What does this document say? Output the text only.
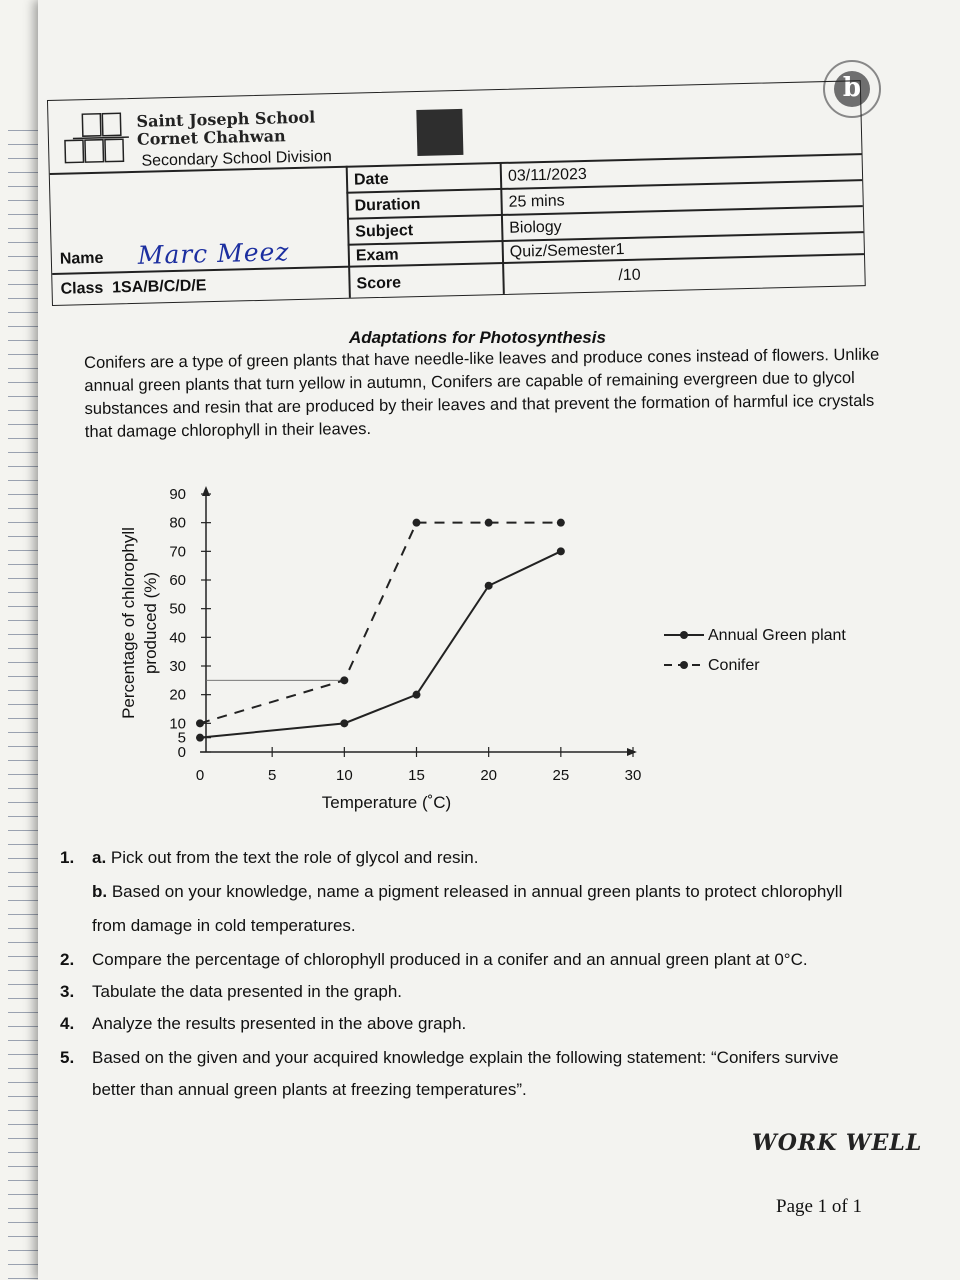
b
Saint Joseph School
Cornet Chahwan
Secondary School Division
Name Marc Meez
Class 1SA/B/C/D/E
Date	03/11/2023
Duration	25 mins
Subject	Biology
Exam	Quiz/Semester1
Score	/10
Adaptations for Photosynthesis
Conifers are a type of green plants that have needle-like leaves and produce cones instead of flowers. Unlike annual green plants that turn yellow in autumn, Conifers are capable of remaining evergreen due to glycol substances and resin that are produced by their leaves and that prevent the formation of harmful ice crystals that damage chlorophyll in their leaves.
0
5
10
20
30
40
50
60
70
80
90
0	5	10	15	20	25	30
Temperature (˚C)
Percentage of chlorophyll produced (%)	Annual Green plant
Conifer
1. a. Pick out from the text the role of glycol and resin.
b. Based on your knowledge, name a pigment released in annual green plants to protect chlorophyll
from damage in cold temperatures.
2. Compare the percentage of chlorophyll produced in a conifer and an annual green plant at 0°C.
3. Tabulate the data presented in the graph.
4. Analyze the results presented in the above graph.
5. Based on the given and your acquired knowledge explain the following statement: “Conifers survive
better than annual green plants at freezing temperatures”.
WORK WELL
Page 1 of 1
